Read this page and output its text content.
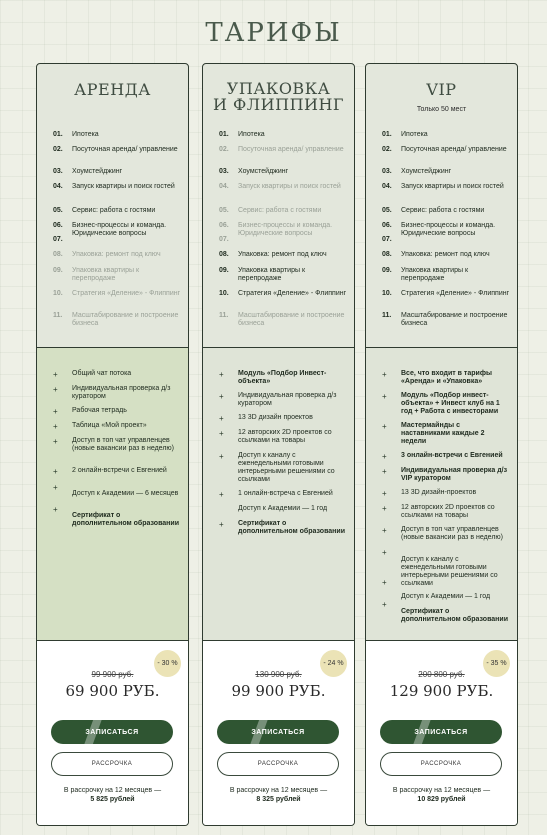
ТАРИФЫ
АРЕНДА
01.	Ипотека
02.	Посуточная аренда/ управление
03.	Хоумстейджинг
04.	Запуск квартиры и поиск гостей
05.	Сервис: работа с гостями
06.	Бизнес-процессы и команда. Юридические вопросы
07.
08.	Упаковка: ремонт под ключ
09.	Упаковка квартиры к перепродаже
10.	Стратегия «Деление» - Флиппинг
11.	Масштабирование и построение бизнеса
+ Общий чат потока
+ Индивидуальная проверка д/з куратором
+ Рабочая тетрадь
+ Таблица «Мой проект»
+ Доступ в топ чат управленцев (новые вакансии раз в неделю)
+ 2 онлайн-встречи с Евгенией
+
Доступ к Академии — 6 месяцев
+
Сертификат о дополнительном образовании
- 30 %
99 900 руб.
69 900 РУБ.
ЗАПИСАТЬСЯ
РАССРОЧКА
В рассрочку на 12 месяцев —
5 825 рублей
УПАКОВКА
И ФЛИППИНГ
01.	Ипотека
02.	Посуточная аренда/ управление
03.	Хоумстейджинг
04.	Запуск квартиры и поиск гостей
05.	Сервис: работа с гостями
06.	Бизнес-процессы и команда. Юридические вопросы
07.
08.	Упаковка: ремонт под ключ
09.	Упаковка квартиры к перепродаже
10.	Стратегия «Деление» - Флиппинг
11.	Масштабирование и построение бизнеса
+ Модуль «Подбор Инвест-объекта»
+ Индивидуальная проверка д/з куратором
+ 13 3D дизайн проектов
+ 12 авторских 2D проектов со ссылками на товары
+ Доступ к каналу с еженедельными готовыми интерьерными решениями со ссылками
+ 1 онлайн-встреча с Евгенией
Доступ к Академии — 1 год
+ Сертификат о дополнительном образовании
- 24 %
130 900 руб.
99 900 РУБ.
ЗАПИСАТЬСЯ
РАССРОЧКА
В рассрочку на 12 месяцев —
8 325 рублей
VIP
Только 50 мест
01.	Ипотека
02.	Посуточная аренда/ управление
03.	Хоумстейджинг
04.	Запуск квартиры и поиск гостей
05.	Сервис: работа с гостями
06.	Бизнес-процессы и команда. Юридические вопросы
07.
08.	Упаковка: ремонт под ключ
09.	Упаковка квартиры к перепродаже
10.	Стратегия «Деление» - Флиппинг
11.	Масштабирование и построение бизнеса
+ Все, что входит в тарифы «Аренда» и «Упаковка»
+ Модуль «Подбор инвест-объекта» + Инвест клуб на 1 год + Работа с инвесторами
+ Мастермайнды с наставниками каждые 2 недели
+ 3 онлайн-встречи с Евгенией
+ Индивидуальная проверка д/з VIP куратором
+ 13 3D дизайн-проектов
+ 12 авторских 2D проектов со ссылками на товары
+ Доступ в топ чат управленцев (новые вакансии раз в неделю)
+
Доступ к каналу с еженедельными готовыми интерьерными решениями со ссылками
+
Доступ к Академии — 1 год
+
Сертификат о дополнительном образовании
- 35 %
200 800 руб.
129 900 РУБ.
ЗАПИСАТЬСЯ
РАССРОЧКА
В рассрочку на 12 месяцев —
10 829 рублей
